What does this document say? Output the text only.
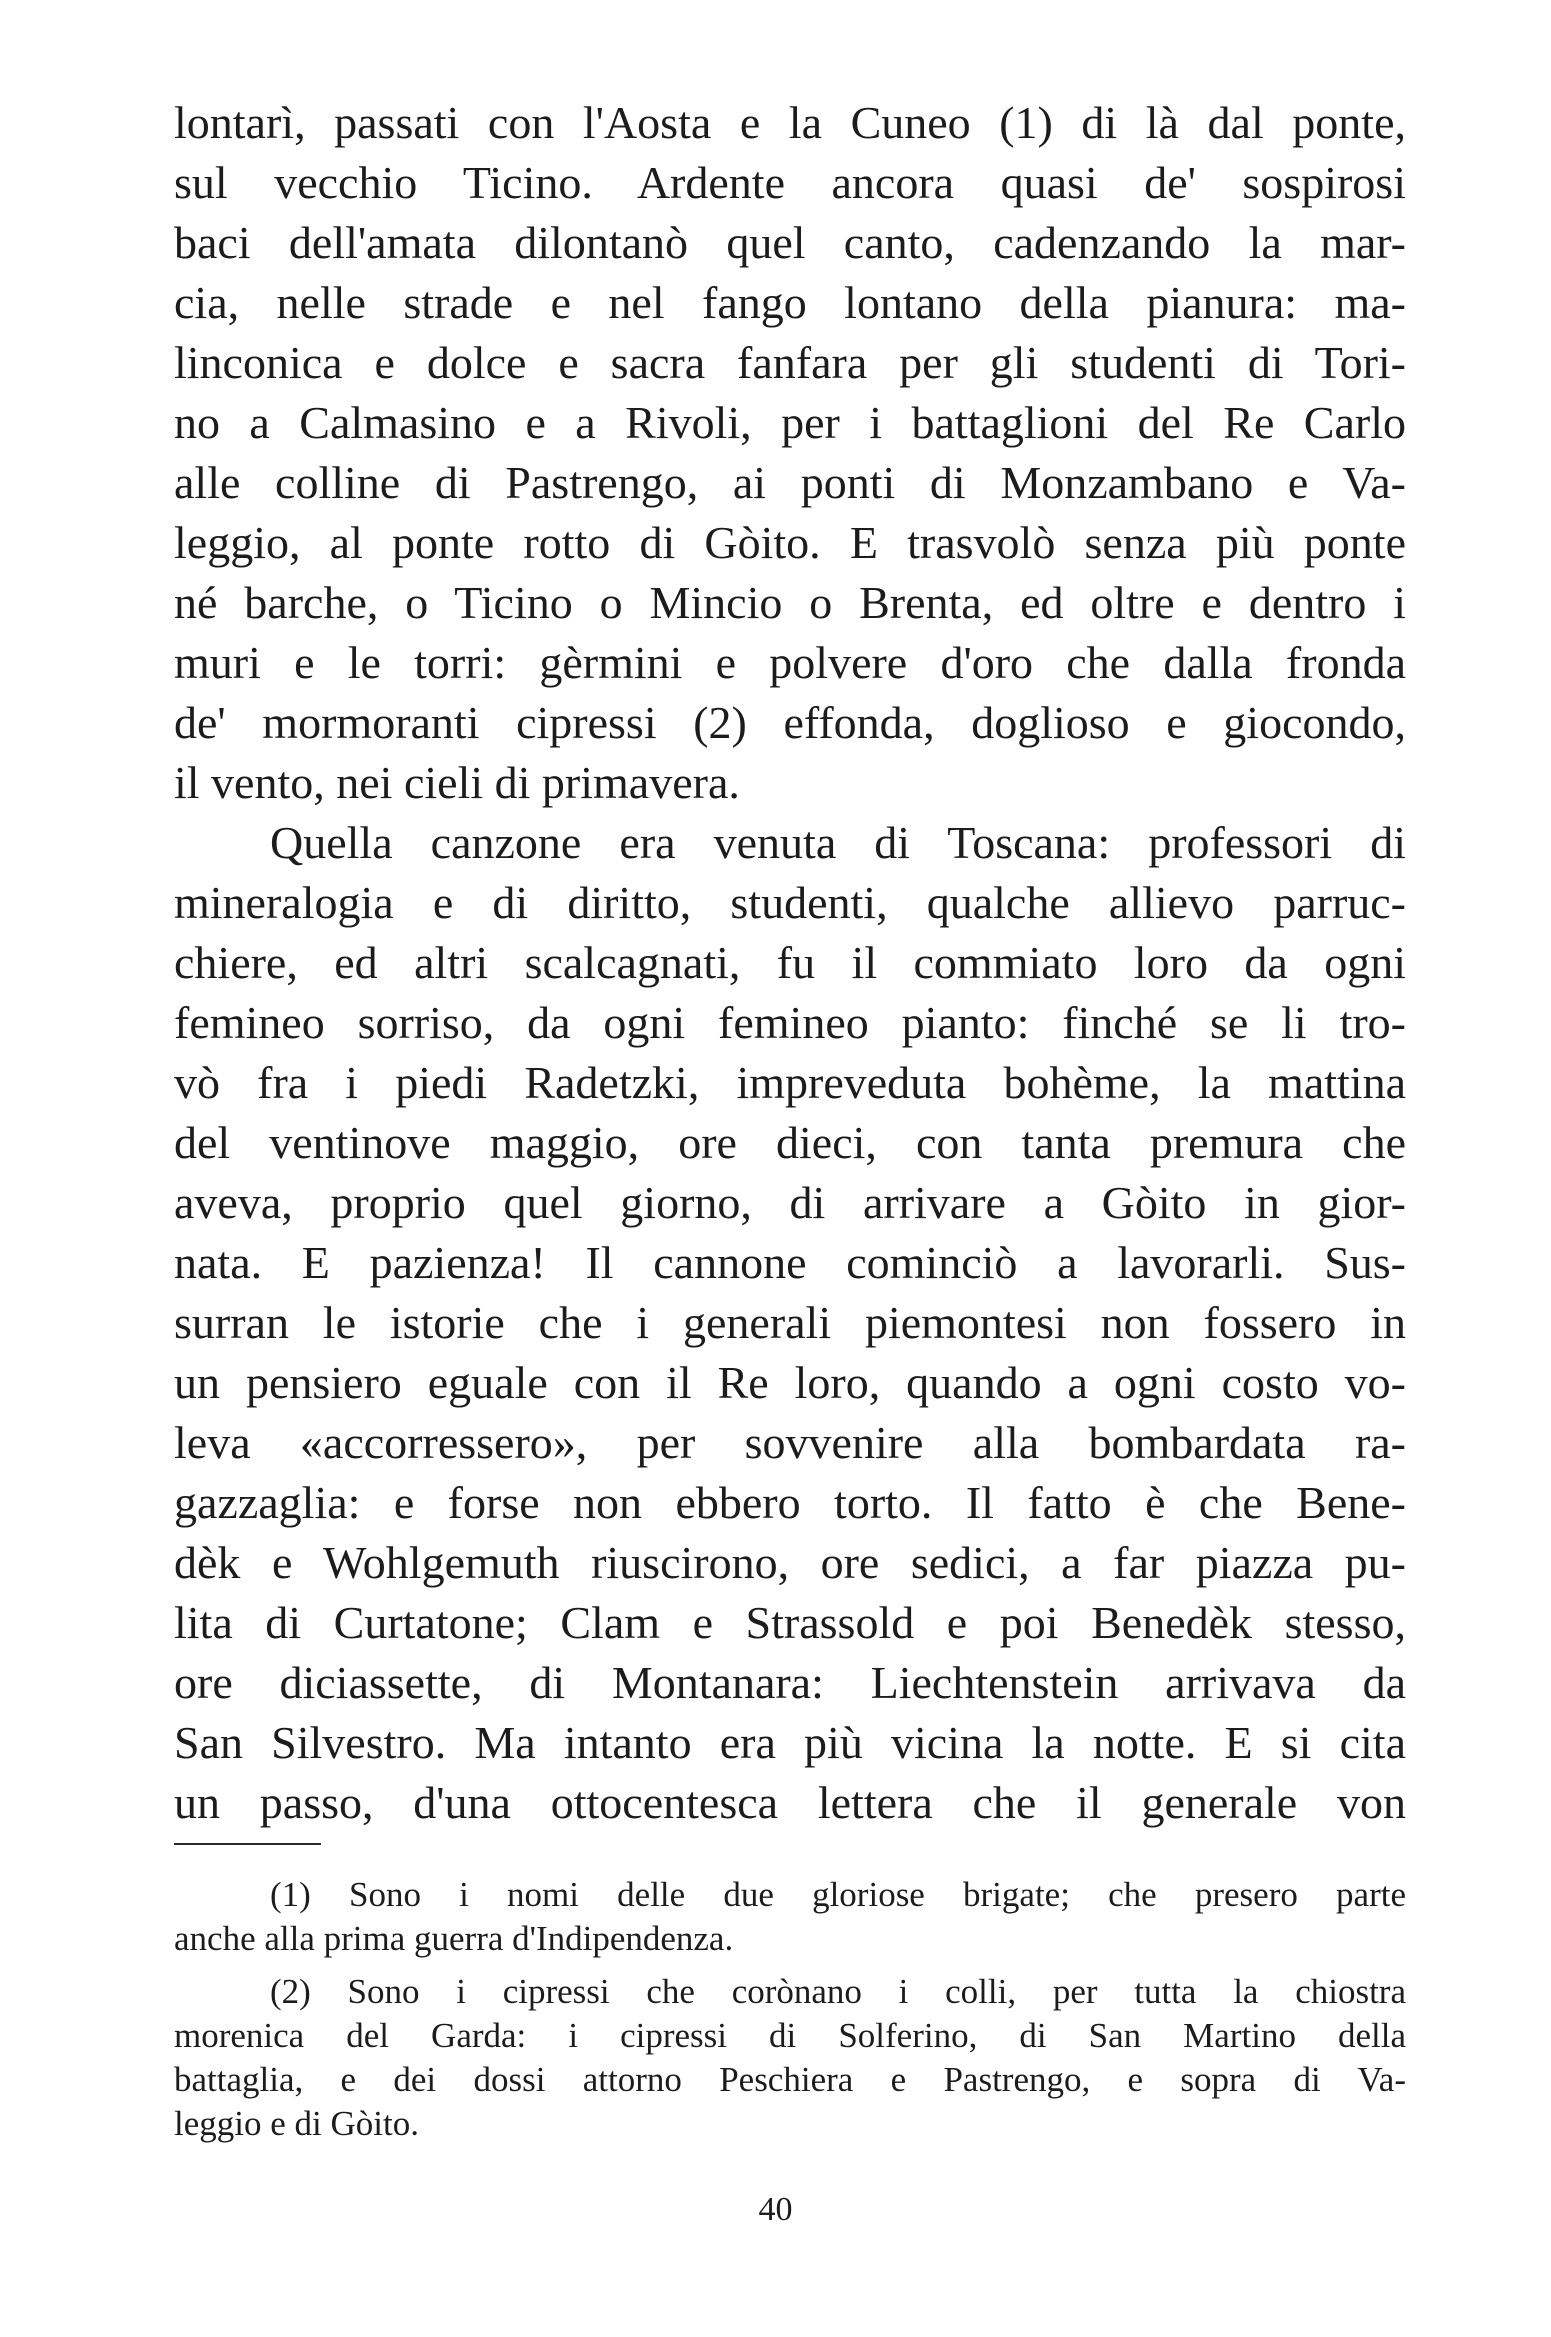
lontarì, passati con l'Aosta e la Cuneo (1) di là dal ponte,
sul vecchio Ticino. Ardente ancora quasi de' sospirosi
baci dell'amata dilontanò quel canto, cadenzando la mar-
cia, nelle strade e nel fango lontano della pianura: ma-
linconica e dolce e sacra fanfara per gli studenti di Tori-
no a Calmasino e a Rivoli, per i battaglioni del Re Carlo
alle colline di Pastrengo, ai ponti di Monzambano e Va-
leggio, al ponte rotto di Gòito. E trasvolò senza più ponte
né barche, o Ticino o Mincio o Brenta, ed oltre e dentro i
muri e le torri: gèrmini e polvere d'oro che dalla fronda
de' mormoranti cipressi (2) effonda, doglioso e giocondo,
il vento, nei cieli di primavera.
Quella canzone era venuta di Toscana: professori di
mineralogia e di diritto, studenti, qualche allievo parruc-
chiere, ed altri scalcagnati, fu il commiato loro da ogni
femineo sorriso, da ogni femineo pianto: finché se li tro-
vò fra i piedi Radetzki, impreveduta bohème, la mattina
del ventinove maggio, ore dieci, con tanta premura che
aveva, proprio quel giorno, di arrivare a Gòito in gior-
nata. E pazienza! Il cannone cominciò a lavorarli. Sus-
surran le istorie che i generali piemontesi non fossero in
un pensiero eguale con il Re loro, quando a ogni costo vo-
leva «accorressero», per sovvenire alla bombardata ra-
gazzaglia: e forse non ebbero torto. Il fatto è che Bene-
dèk e Wohlgemuth riuscirono, ore sedici, a far piazza pu-
lita di Curtatone; Clam e Strassold e poi Benedèk stesso,
ore diciassette, di Montanara: Liechtenstein arrivava da
San Silvestro. Ma intanto era più vicina la notte. E si cita
un passo, d'una ottocentesca lettera che il generale von
(1) Sono i nomi delle due gloriose brigate; che presero parte
anche alla prima guerra d'Indipendenza.
(2) Sono i cipressi che corònano i colli, per tutta la chiostra
morenica del Garda: i cipressi di Solferino, di San Martino della
battaglia, e dei dossi attorno Peschiera e Pastrengo, e sopra di Va-
leggio e di Gòito.
40
